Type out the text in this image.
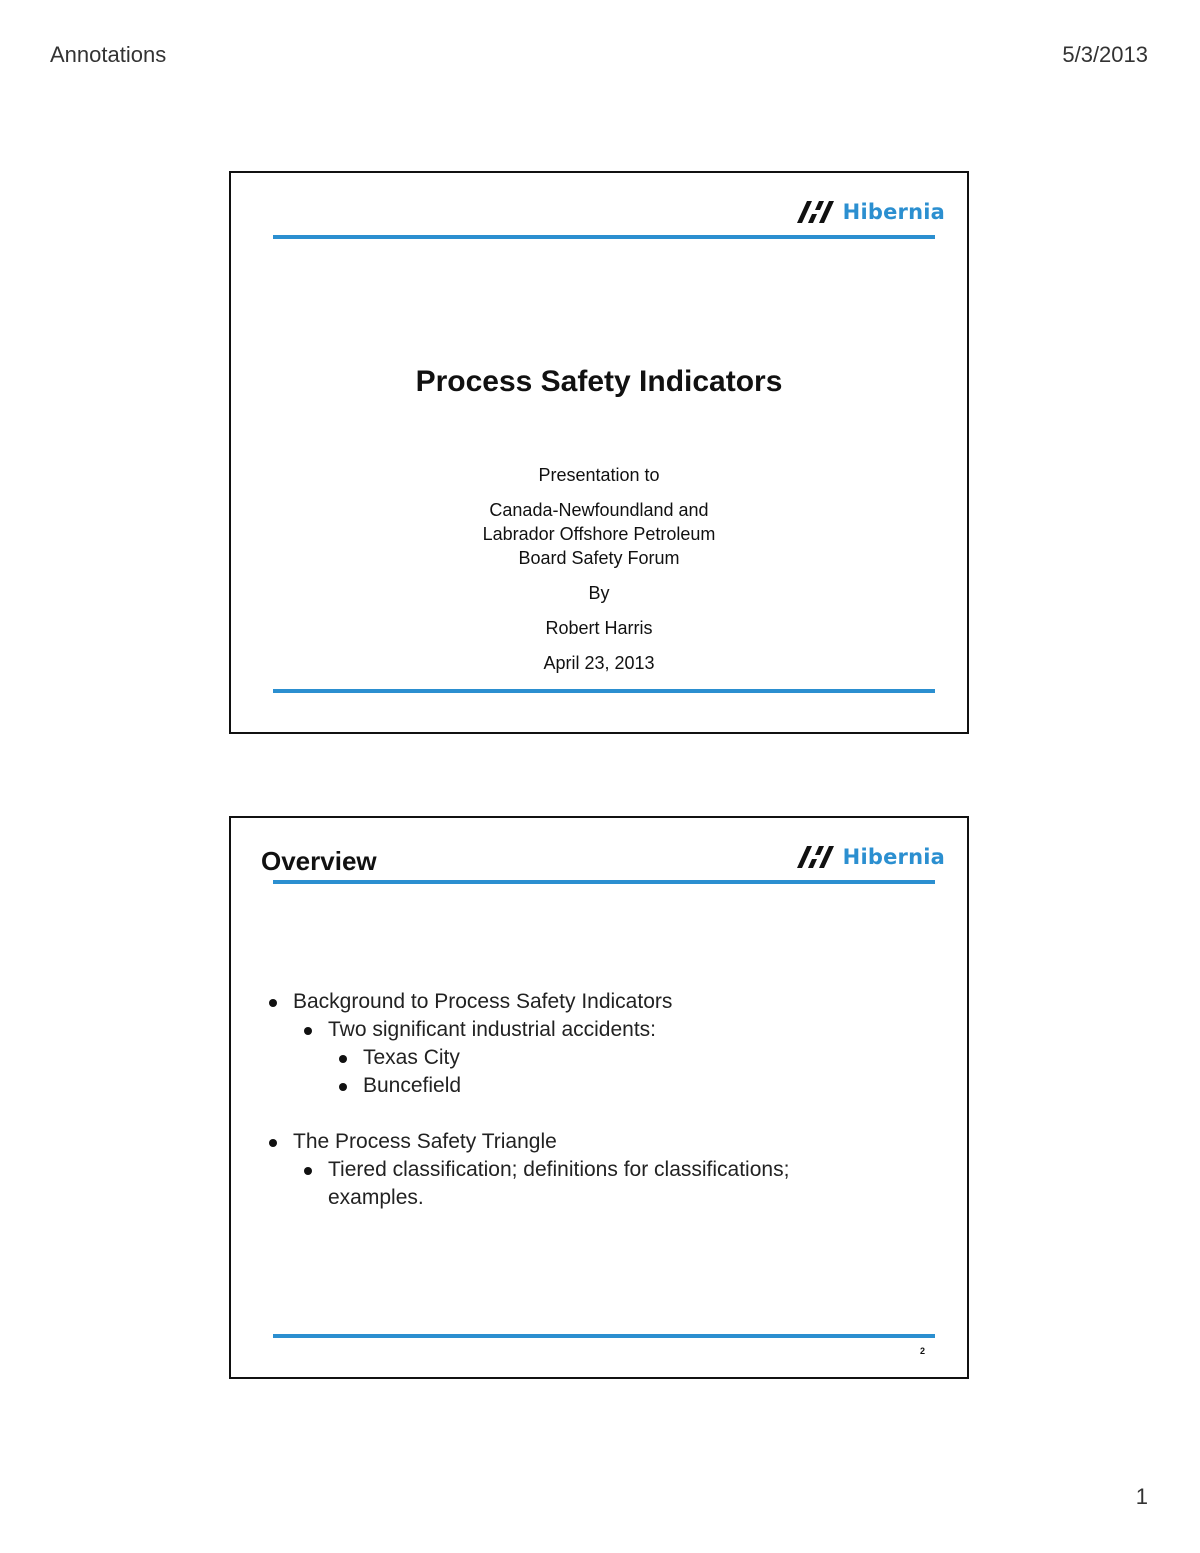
Annotations	5/3/2013
Hibernia
Process Safety Indicators

Presentation to

Canada-Newfoundland and
Labrador Offshore Petroleum
Board Safety Forum

By

Robert Harris

April 23, 2013

Overview	Hibernia
Background to Process Safety Indicators
Two significant industrial accidents:
Texas City
Buncefield
The Process Safety Triangle
Tiered classification; definitions for classifications;
examples.
2
1
